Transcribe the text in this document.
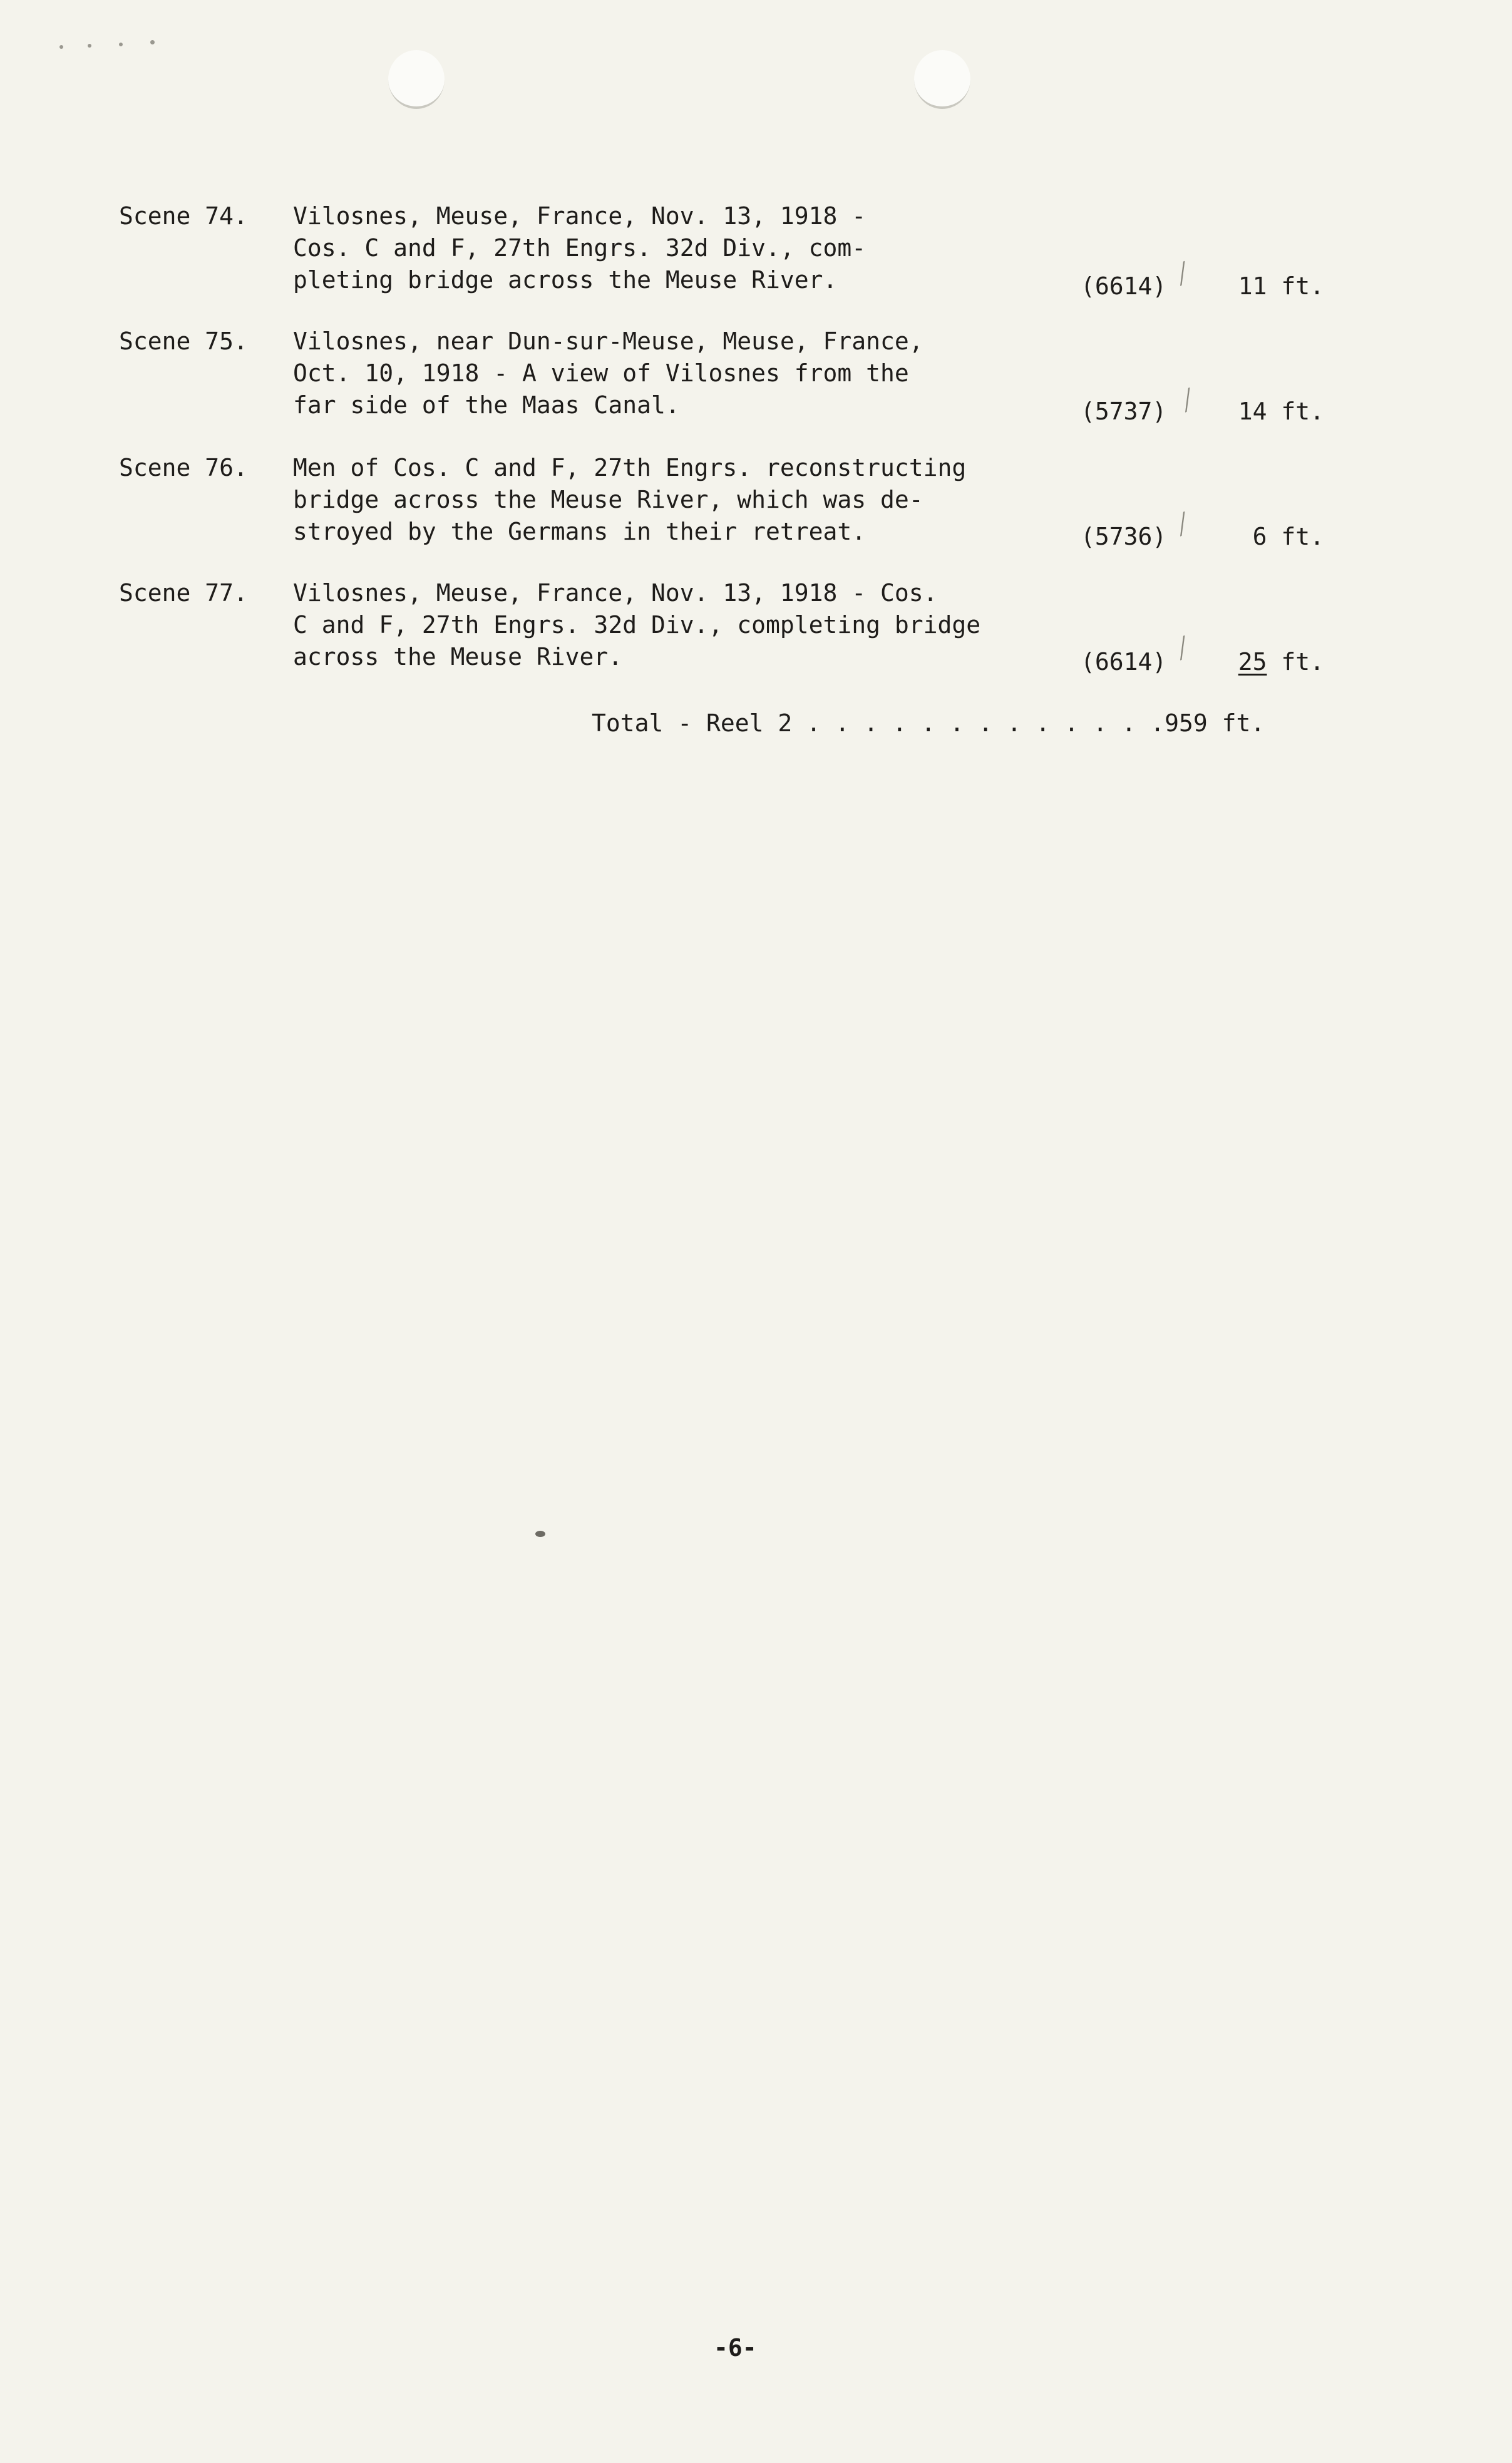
Scene 74. Vilosnes, Meuse, France, Nov. 13, 1918 -
Cos. C and F, 27th Engrs. 32d Div., com-
pleting bridge across the Meuse River.	(6614) ╱ 11 ft.
Scene 75. Vilosnes, near Dun-sur-Meuse, Meuse, France,
Oct. 10, 1918 - A view of Vilosnes from the
far side of the Maas Canal.	(5737) ╱ 14 ft.
Scene 76. Men of Cos. C and F, 27th Engrs. reconstructing
bridge across the Meuse River, which was de-
stroyed by the Germans in their retreat.	(5736) ╱	6 ft.
Scene 77. Vilosnes, Meuse, France, Nov. 13, 1918 - Cos.
C and F, 27th Engrs. 32d Div., completing bridge
across the Meuse River.	(6614) ╱ 25 ft.
Total - Reel 2 . . . . . . . . . . . . .959 ft.
-6-
